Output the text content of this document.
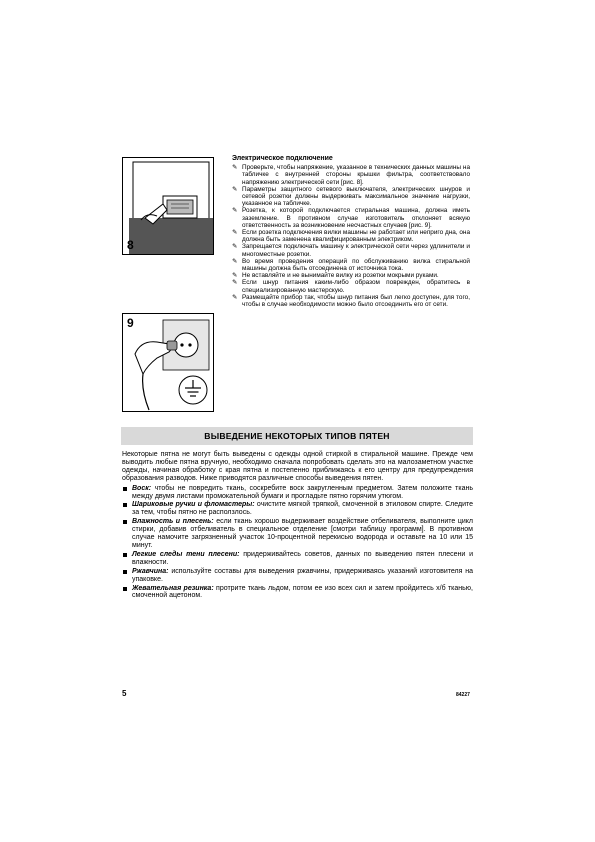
8
9
Электрическое подключение
✎ Проверьте, чтобы напряжение, указанное в технических данных машины на табличке с внутренней стороны крышки фильтра, соответствовало напряжению электрической сети [рис. 8].
✎ Параметры защитного сетевого выключателя, электрических шнуров и сетевой розетки должны выдерживать максимальное значение нагрузки, указанное на табличке.
✎ Розетка, к которой подключается стиральная машина, должна иметь заземление. В противном случае изготовитель отклоняет всякую ответственность за возникновение несчастных случаев [рис. 9].
✎ Если розетка подключения вилки машины не работает или неприго дна, она должна быть заменена квалифицированным электриком.
✎ Запрещается подключать машину к электрической сети через удлинители и многоместные розетки.
✎ Во время проведения операций по обслуживанию вилка стиральной машины должна быть отсоединена от источника тока.
✎ Не вставляйте и не вынимайте вилку из розетки мокрыми руками.
✎ Если шнур питания каким-либо образом поврежден, обратитесь в специализированную мастерскую.
✎ Размещайте прибор так, чтобы шнур питания был легко доступен, для того, чтобы в случае необходимости можно было отсоединить его от сети.
ВЫВЕДЕНИЕ НЕКОТОРЫХ ТИПОВ ПЯТЕН

Некоторые пятна не могут быть выведены с одежды одной стиркой в стиральной машине. Прежде чем выводить любые пятна вручную, необходимо сначала попробовать сделать это на малозаметном участке одежды, начиная обработку с края пятна и постепенно приближаясь к его центру для предупреждения образования разводов. Ниже приводятся различные способы выведения пятен.

Воск: чтобы не повредить ткань, соскребите воск закругленным предметом. Затем положите ткань между двумя листами промокательной бумаги и прогладьте пятно горячим утюгом.
Шариковые ручки и фломастеры: очистите мягкой тряпкой, смоченной в этиловом спирте. Следите за тем, чтобы пятно не расползлось.
Влажность и плесень: если ткань хорошо выдерживает воздействие отбеливателя, выполните цикл стирки, добавив отбеливатель в специальное отделение [смотри таблицу программ]. В противном случае намочите загрязненный участок 10-процентной перекисью водорода и оставьте на 10 или 15 минут.
Легкие следы тени плесени: придерживайтесь советов, данных по выведению пятен плесени и влажности.
Ржавчина: используйте составы для выведения ржавчины, придерживаясь указаний изготовителя на упаковке.
Жевательная резинка: протрите ткань льдом, потом ее изо всех сил и затем пройдитесь х/б тканью, смоченной ацетоном.
5	84227
